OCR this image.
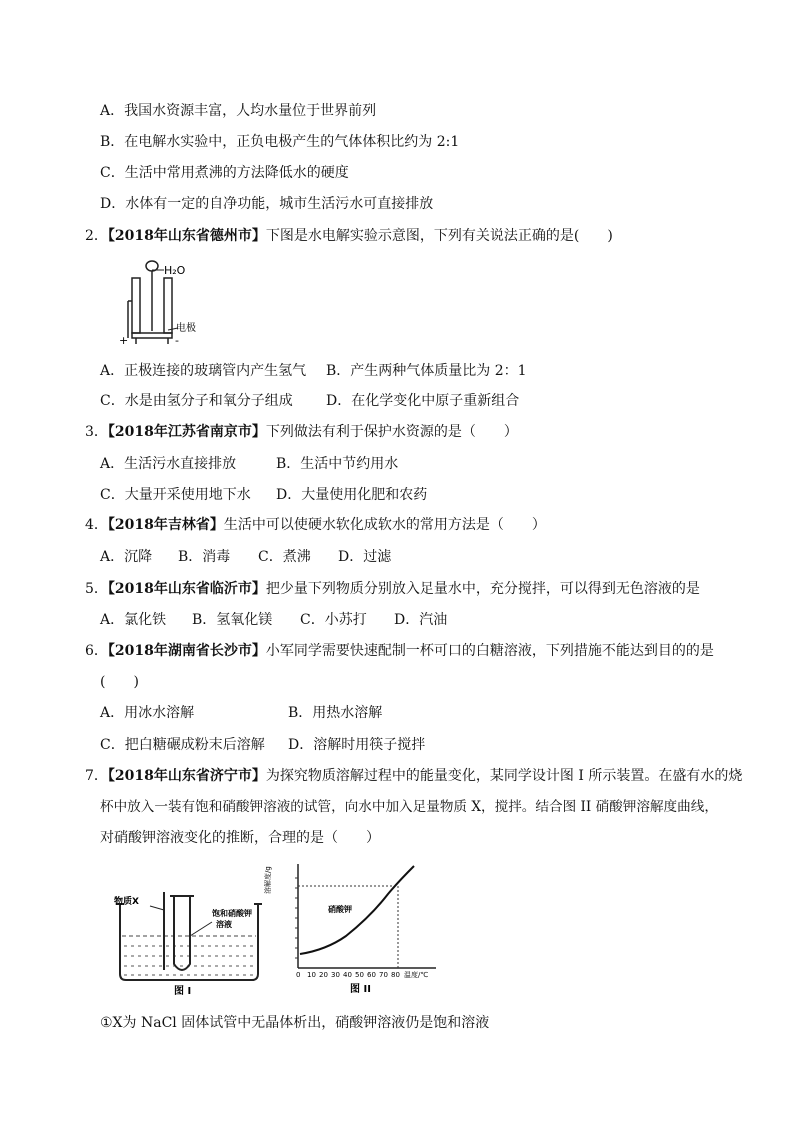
A．我国水资源丰富，人均水量位于世界前列
B．在电解水实验中，正负电极产生的气体体积比约为 2:1
C．生活中常用煮沸的方法降低水的硬度
D．水体有一定的自净功能，城市生活污水可直接排放
2．【2018年山东省德州市】下图是水电解实验示意图，下列有关说法正确的是(　　)
H₂O
电极
+	-
A．正极连接的玻璃管内产生氢气 B．产生两种气体质量比为 2：1
C．水是由氢分子和氧分子组成 D．在化学变化中原子重新组合
3．【2018年江苏省南京市】下列做法有利于保护水资源的是（　　）
A．生活污水直接排放	B．生活中节约用水
C．大量开采使用地下水 D．大量使用化肥和农药
4．【2018年吉林省】生活中可以使硬水软化成软水的常用方法是（　　）
A．沉降 B．消毒 C．煮沸 D．过滤
5．【2018年山东省临沂市】把少量下列物质分别放入足量水中，充分搅拌，可以得到无色溶液的是
A．氯化铁 B．氢氧化镁 C．小苏打 D．汽油
6．【2018年湖南省长沙市】小军同学需要快速配制一杯可口的白糖溶液，下列措施不能达到目的的是
(　　)
A．用冰水溶解	B．用热水溶解
C．把白糖碾成粉末后溶解 D．溶解时用筷子搅拌
7．【2018年山东省济宁市】为探究物质溶解过程中的能量变化，某同学设计图 I 所示装置。在盛有水的烧
杯中放入一装有饱和硝酸钾溶液的试管，向水中加入足量物质 X，搅拌。结合图 II 硝酸钾溶解度曲线，
对硝酸钾溶液变化的推断，合理的是（　　）
物质X
饱和硝酸钾溶液
图 I
硝酸钾
溶解度/g
0 10 20 30 40 50 60 70 80 温度/℃
图 II
①X为 NaCl 固体试管中无晶体析出，硝酸钾溶液仍是饱和溶液
